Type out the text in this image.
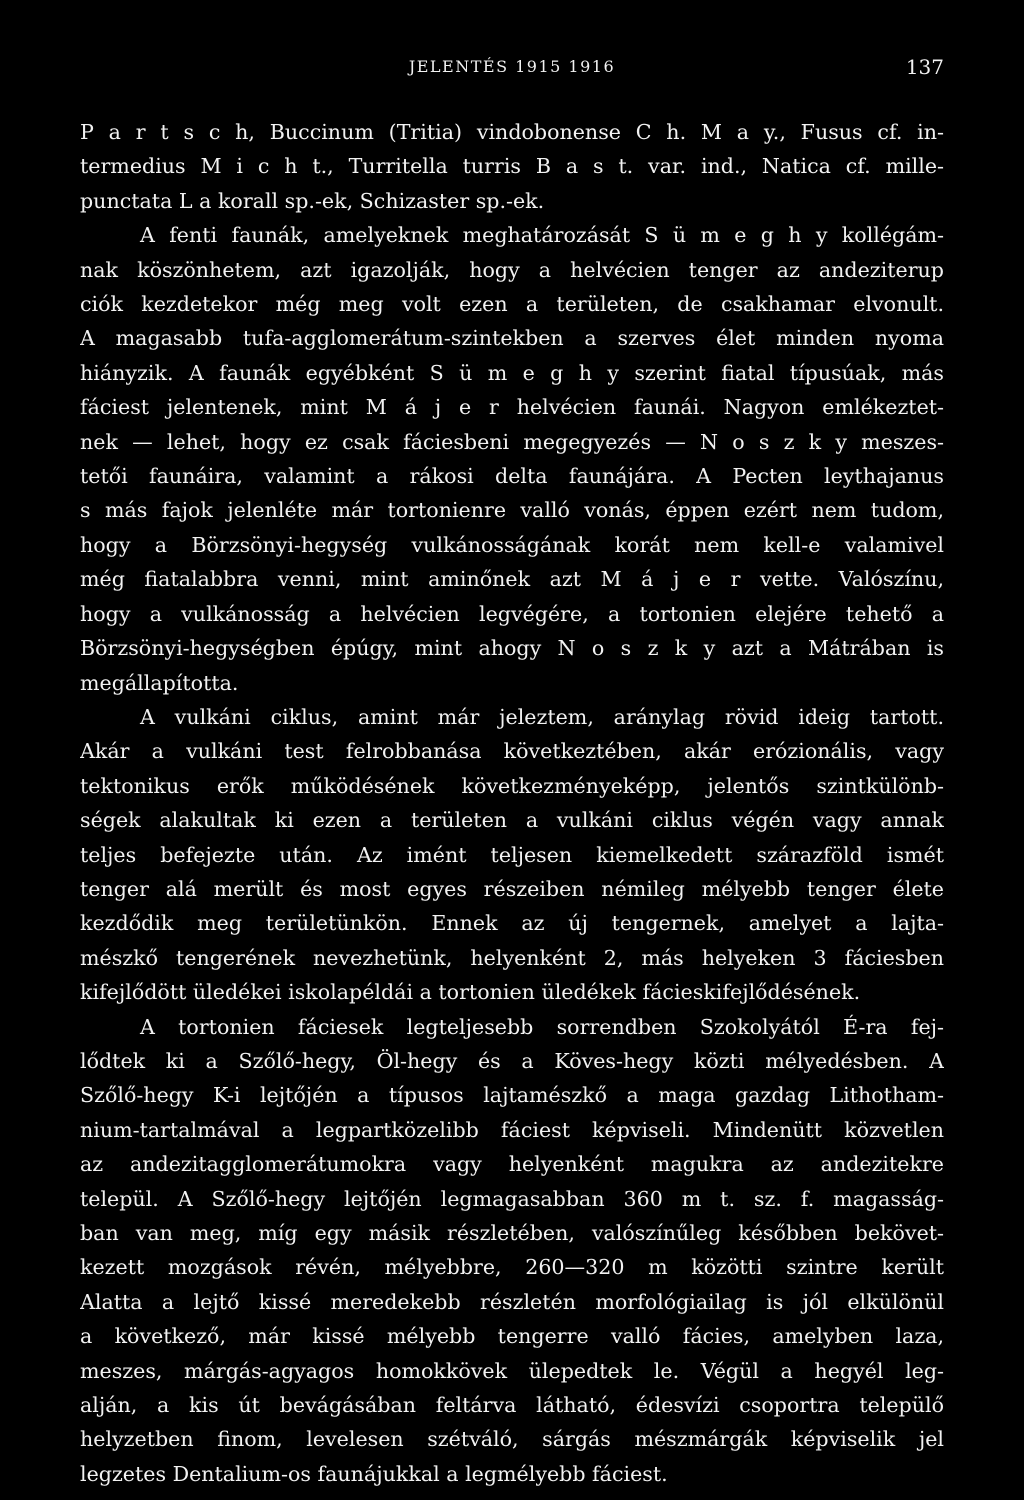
JELENTÉS 1915 1916	137

P a r t s c h, Buccinum (Tritia) vindobonense C h. M a y., Fusus cf. in-
termedius M i c h t., Turritella turris B a s t. var. ind., Natica cf. mille-
punctata L a korall sp.-ek, Schizaster sp.-ek.

A fenti faunák, amelyeknek meghatározását S ü m e g h y kollégám-
nak köszönhetem, azt igazolják, hogy a helvécien tenger az andeziterup
ciók kezdetekor még meg volt ezen a területen, de csakhamar elvonult.
A magasabb tufa-agglomerátum-szintekben a szerves élet minden nyoma
hiányzik. A faunák egyébként S ü m e g h y szerint fiatal típusúak, más
fáciest jelentenek, mint M á j e r helvécien faunái. Nagyon emlékeztet-
nek — lehet, hogy ez csak fáciesbeni megegyezés — N o s z k y meszes-
tetői faunáira, valamint a rákosi delta faunájára. A Pecten leythajanus
s más fajok jelenléte már tortonienre valló vonás, éppen ezért nem tudom,
hogy a Börzsönyi-hegység vulkánosságának korát nem kell-e valamivel
még fiatalabbra venni, mint aminőnek azt M á j e r vette. Valószínu,
hogy a vulkánosság a helvécien legvégére, a tortonien elejére tehető a
Börzsönyi-hegységben épúgy, mint ahogy N o s z k y azt a Mátrában is
megállapította.

A vulkáni ciklus, amint már jeleztem, aránylag rövid ideig tartott.
Akár a vulkáni test felrobbanása következtében, akár erózionális, vagy
tektonikus erők működésének következményeképp, jelentős szintkülönb-
ségek alakultak ki ezen a területen a vulkáni ciklus végén vagy annak
teljes befejezte után. Az imént teljesen kiemelkedett szárazföld ismét
tenger alá merült és most egyes részeiben némileg mélyebb tenger élete
kezdődik meg területünkön. Ennek az új tengernek, amelyet a lajta-
mészkő tengerének nevezhetünk, helyenként 2, más helyeken 3 fáciesben
kifejlődött üledékei iskolapéldái a tortonien üledékek fácieskifejlődésének.

A tortonien fáciesek legteljesebb sorrendben Szokolyától É-ra fej-
lődtek ki a Szőlő-hegy, Öl-hegy és a Köves-hegy közti mélyedésben. A
Szőlő-hegy K-i lejtőjén a típusos lajtamészkő a maga gazdag Lithotham-
nium-tartalmával a legpartközelibb fáciest képviseli. Mindenütt közvetlen
az andezitagglomerátumokra vagy helyenként magukra az andezitekre
települ. A Szőlő-hegy lejtőjén legmagasabban 360 m t. sz. f. magasság-
ban van meg, míg egy másik részletében, valószínűleg későbben bekövet-
kezett mozgások révén, mélyebbre, 260—320 m közötti szintre került
Alatta a lejtő kissé meredekebb részletén morfológiailag is jól elkülönül
a következő, már kissé mélyebb tengerre valló fácies, amelyben laza,
meszes, márgás-agyagos homokkövek ülepedtek le. Végül a hegyél leg-
alján, a kis út bevágásában feltárva látható, édesvízi csoportra települő
helyzetben finom, levelesen szétváló, sárgás mészmárgák képviselik jel
legzetes Dentalium-os faunájukkal a legmélyebb fáciest.
